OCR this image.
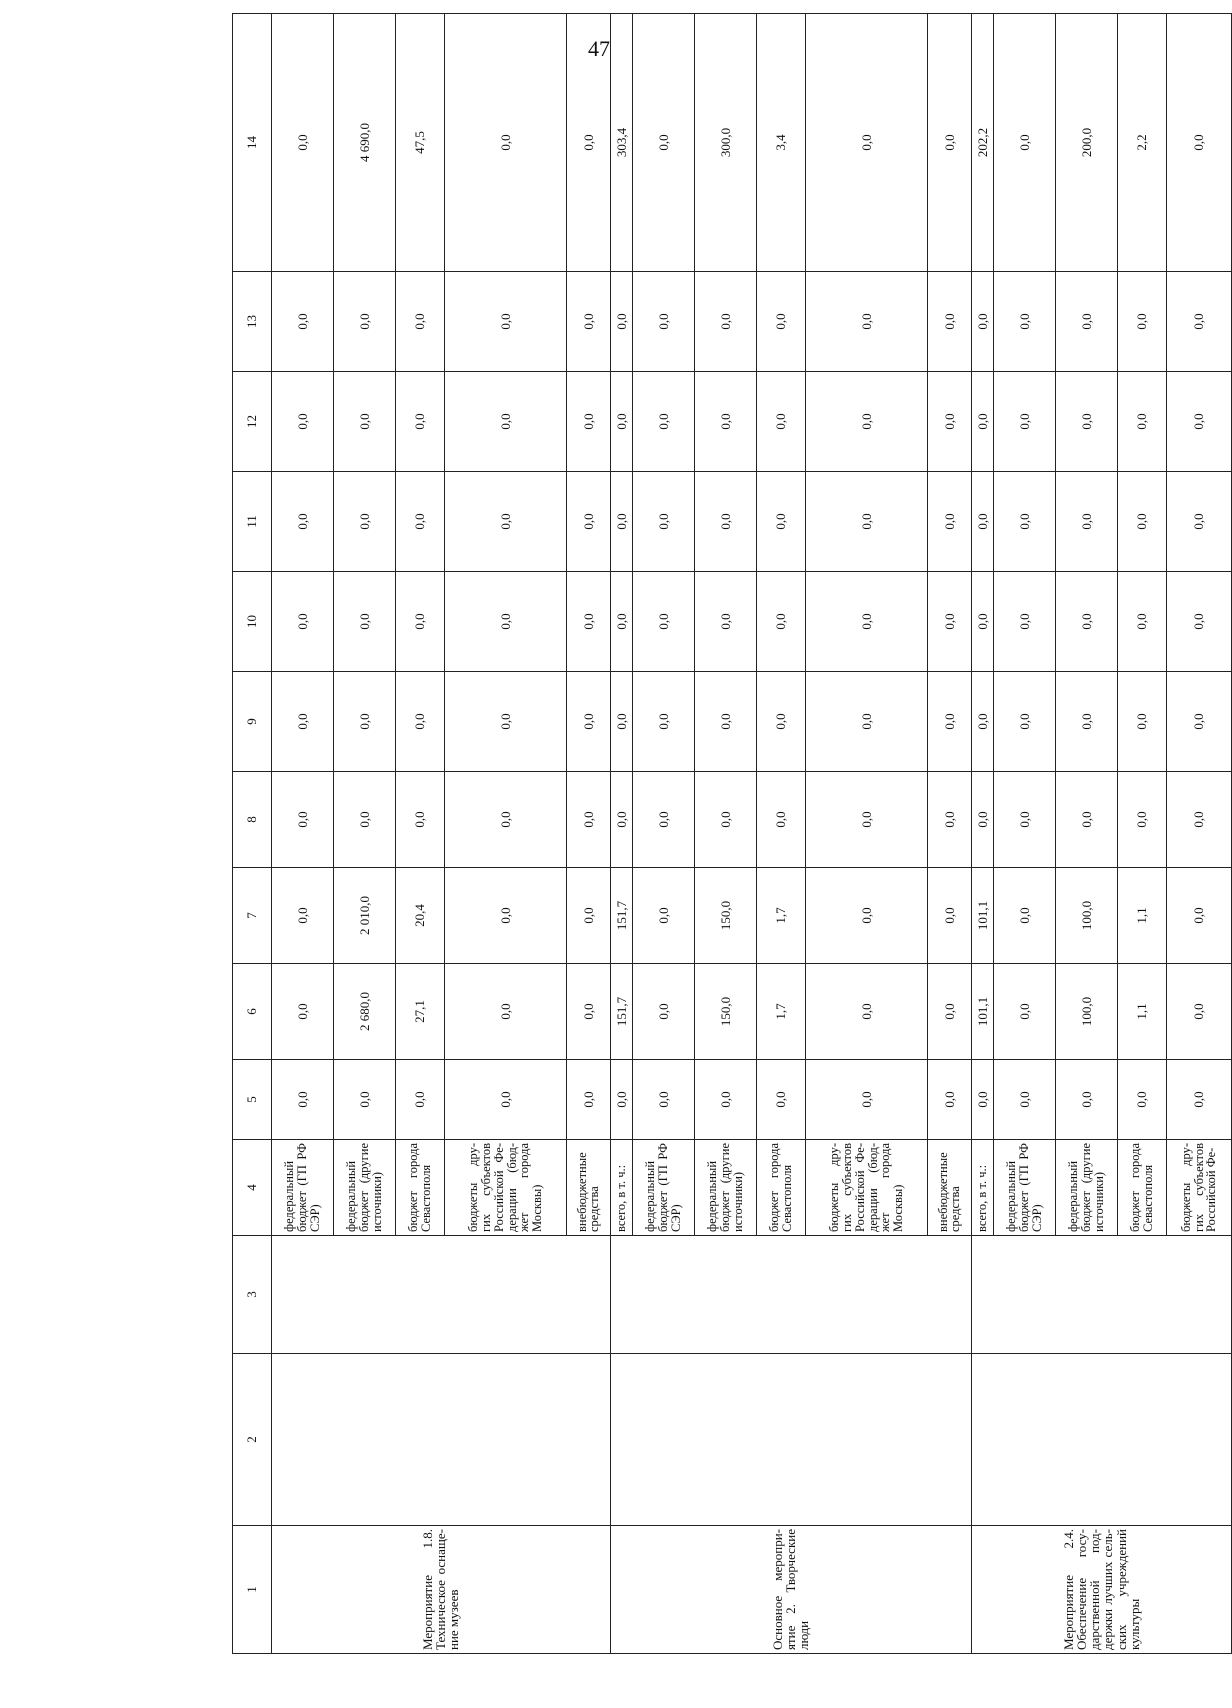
47
1	2	3	4	5	6	7	8	9	10	11	12	13	14
Мероприятие 1.8. Техническое оснаще-ние музеев			федеральный бюджет (ГП РФ СЭР)	0,0	0,0	0,0	0,0	0,0	0,0	0,0	0,0	0,0	0,0
			федеральный бюджет (другие источники)	0,0	2 680,0	2 010,0	0,0	0,0	0,0	0,0	0,0	0,0	4 690,0
			бюджет города Севастополя	0,0	27,1	20,4	0,0	0,0	0,0	0,0	0,0	0,0	47,5
			бюджеты дру-гих субъектов Российской Фе-дерации (бюд-жет города Москвы)	0,0	0,0	0,0	0,0	0,0	0,0	0,0	0,0	0,0	0,0
			внебюджетные средства	0,0	0,0	0,0	0,0	0,0	0,0	0,0	0,0	0,0	0,0
Основное меропри-ятие 2. Творческие люди			всего, в т. ч.:	0,0	151,7	151,7	0,0	0,0	0,0	0,0	0,0	0,0	303,4
			федеральный бюджет (ГП РФ СЭР)	0,0	0,0	0,0	0,0	0,0	0,0	0,0	0,0	0,0	0,0
			федеральный бюджет (другие источники)	0,0	150,0	150,0	0,0	0,0	0,0	0,0	0,0	0,0	300,0
			бюджет города Севастополя	0,0	1,7	1,7	0,0	0,0	0,0	0,0	0,0	0,0	3,4
			бюджеты дру-гих субъектов Российской Фе-дерации (бюд-жет города Москвы)	0,0	0,0	0,0	0,0	0,0	0,0	0,0	0,0	0,0	0,0
			внебюджетные средства	0,0	0,0	0,0	0,0	0,0	0,0	0,0	0,0	0,0	0,0
Мероприятие 2.4. Обеспечение госу-дарственной под-держки лучших сель-ских учреждений культуры			всего, в т. ч.:	0,0	101,1	101,1	0,0	0,0	0,0	0,0	0,0	0,0	202,2
			федеральный бюджет (ГП РФ СЭР)	0,0	0,0	0,0	0,0	0,0	0,0	0,0	0,0	0,0	0,0
			федеральный бюджет (другие источники)	0,0	100,0	100,0	0,0	0,0	0,0	0,0	0,0	0,0	200,0
			бюджет города Севастополя	0,0	1,1	1,1	0,0	0,0	0,0	0,0	0,0	0,0	2,2
			бюджеты дру-гих субъектов Российской Фе-	0,0	0,0	0,0	0,0	0,0	0,0	0,0	0,0	0,0	0,0
